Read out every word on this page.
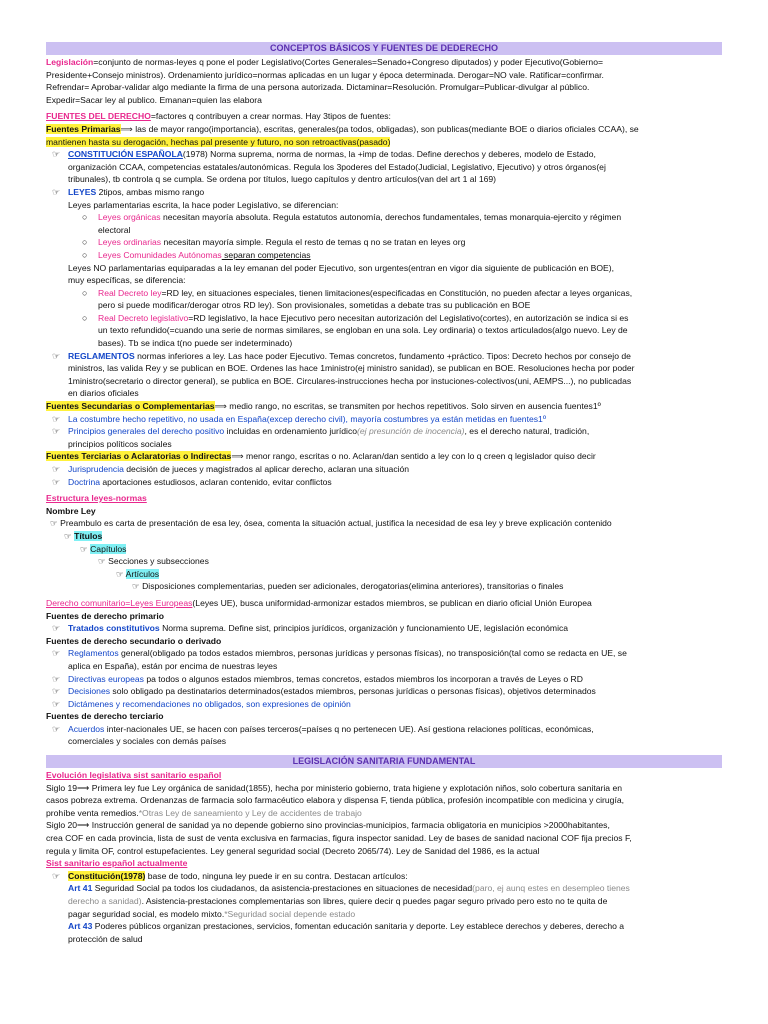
CONCEPTOS BÁSICOS Y FUENTES DE DEDERECHO

Legislación=conjunto de normas-leyes q pone el poder Legislativo(Cortes Generales=Senado+Congreso diputados) y poder Ejecutivo(Gobierno=

Presidente+Consejo ministros). Ordenamiento jurídico=normas aplicadas en un lugar y época determinada. Derogar=NO vale. Ratificar=confirmar.

Refrendar= Aprobar-validar algo mediante la firma de una persona autorizada. Dictaminar=Resolución. Promulgar=Publicar-divulgar al público.

Expedir=Sacar ley al publico. Emanan=quien las elabora

FUENTES DEL DERECHO=factores q contribuyen a crear normas. Hay 3tipos de fuentes:

Fuentes Primarias⟹ las de mayor rango(importancia), escritas, generales(pa todos, obligadas), son publicas(mediante BOE o diarios oficiales CCAA), se

mantienen hasta su derogación, hechas pal presente y futuro, no son retroactivas(pasado)

☞ CONSTITUCIÓN ESPAÑOLA(1978) Norma suprema, norma de normas, la +imp de todas. Define derechos y deberes, modelo de Estado,

organización CCAA, competencias estatales/autonómicas. Regula los 3poderes del Estado(Judicial, Legislativo, Ejecutivo) y otros órganos(ej

tribunales), tb controla q se cumpla. Se ordena por títulos, luego capítulos y dentro artículos(van del art 1 al 169)

☞ LEYES 2tipos, ambas mismo rango

Leyes parlamentarias escrita, la hace poder Legislativo, se diferencian:

○ Leyes orgánicas necesitan mayoría absoluta. Regula estatutos autonomía, derechos fundamentales, temas monarquia-ejercito y régimen

electoral

○ Leyes ordinarias necesitan mayoría simple. Regula el resto de temas q no se tratan en leyes org

○ Leyes Comunidades Autónomas separan competencias

Leyes NO parlamentarias equiparadas a la ley emanan del poder Ejecutivo, son urgentes(entran en vigor dia siguiente de publicación en BOE),

muy específicas, se diferencia:

○ Real Decreto ley=RD ley, en situaciones especiales, tienen limitaciones(especificadas en Constitución, no pueden afectar a leyes organicas,

pero si puede modificar/derogar otros RD ley). Son provisionales, sometidas a debate tras su publicación en BOE

○ Real Decreto legislativo=RD legislativo, la hace Ejecutivo pero necesitan autorización del Legislativo(cortes), en autorización se indica si es

un texto refundido(=cuando una serie de normas similares, se engloban en una sola. Ley ordinaria) o textos articulados(algo nuevo. Ley de

bases). Tb se indica t(no puede ser indeterminado)

☞ REGLAMENTOS normas inferiores a ley. Las hace poder Ejecutivo. Temas concretos, fundamento +práctico. Tipos: Decreto hechos por consejo de

ministros, las valida Rey y se publican en BOE. Ordenes las hace 1ministro(ej ministro sanidad), se publican en BOE. Resoluciones hecha por poder

1ministro(secretario o director general), se publica en BOE. Circulares-instrucciones hecha por instuciones-colectivos(uni, AEMPS...), no publicadas

en diarios oficiales

Fuentes Secundarias o Complementarias⟹ medio rango, no escritas, se transmiten por hechos repetitivos. Solo sirven en ausencia fuentes1º

☞ La costumbre hecho repetitivo, no usada en España(excep derecho civil), mayoría costumbres ya están metidas en fuentes1º

☞ Principios generales del derecho positivo incluidas en ordenamiento jurídico(ej presunción de inocencia), es el derecho natural, tradición,

principios políticos sociales

Fuentes Terciarias o Aclaratorias o Indirectas⟹ menor rango, escritas o no. Aclaran/dan sentido a ley con lo q creen q legislador quiso decir

☞ Jurisprudencia decisión de jueces y magistrados al aplicar derecho, aclaran una situación

☞ Doctrina aportaciones estudiosos, aclaran contenido, evitar conflictos

Estructura leyes-normas

Nombre Ley

☞ Preambulo es carta de presentación de esa ley, ósea, comenta la situación actual, justifica la necesidad de esa ley y breve explicación contenido

☞ Títulos

☞ Capítulos

☞ Secciones y subsecciones

☞ Artículos

☞ Disposiciones complementarias, pueden ser adicionales, derogatorias(elimina anteriores), transitorias o finales

Derecho comunitario=Leyes Europeas(Leyes UE), busca uniformidad-armonizar estados miembros, se publican en diario oficial Unión Europea

Fuentes de derecho primario

☞ Tratados constitutivos Norma suprema. Define sist, principios jurídicos, organización y funcionamiento UE, legislación económica

Fuentes de derecho secundario o derivado

☞ Reglamentos general(obligado pa todos estados miembros, personas jurídicas y personas físicas), no transposición(tal como se redacta en UE, se

aplica en España), están por encima de nuestras leyes

☞ Directivas europeas pa todos o algunos estados miembros, temas concretos, estados miembros los incorporan a través de Leyes o RD

☞ Decisiones solo obligado pa destinatarios determinados(estados miembros, personas jurídicas o personas físicas), objetivos determinados

☞ Dictámenes y recomendaciones no obligados, son expresiones de opinión

Fuentes de derecho terciario

☞ Acuerdos inter-nacionales UE, se hacen con países terceros(=países q no pertenecen UE). Así gestiona relaciones políticas, económicas,

comerciales y sociales con demás países

LEGISLACIÓN SANITARIA FUNDAMENTAL

Evolución legislativa sist sanitario español

Siglo 19⟶ Primera ley fue Ley orgánica de sanidad(1855), hecha por ministerio gobierno, trata higiene y explotación niños, solo cobertura sanitaria en

casos pobreza extrema. Ordenanzas de farmacia solo farmacéutico elabora y dispensa F, tienda pública, profesión incompatible con medicina y cirugía,

prohíbe venta remedios.*Otras Ley de saneamiento y Ley de accidentes de trabajo

Siglo 20⟶ Instrucción general de sanidad ya no depende gobierno sino provincias-municipios, farmacia obligatoria en municipios >2000habitantes,

crea COF en cada provincia, lista de sust de venta exclusiva en farmacias, figura inspector sanidad. Ley de bases de sanidad nacional COF fija precios F,

regula y limita OF, control estupefacientes. Ley general seguridad social (Decreto 2065/74). Ley de Sanidad del 1986, es la actual

Sist sanitario español actualmente

☞ Constitución(1978) base de todo, ninguna ley puede ir en su contra. Destacan artículos:

Art 41 Seguridad Social pa todos los ciudadanos, da asistencia-prestaciones en situaciones de necesidad(paro, ej aunq estes en desempleo tienes

derecho a sanidad). Asistencia-prestaciones complementarias son libres, quiere decir q puedes pagar seguro privado pero esto no te quita de

pagar seguridad social, es modelo mixto.*Seguridad social depende estado

Art 43 Poderes públicos organizan prestaciones, servicios, fomentan educación sanitaria y deporte. Ley establece derechos y deberes, derecho a

protección de salud
